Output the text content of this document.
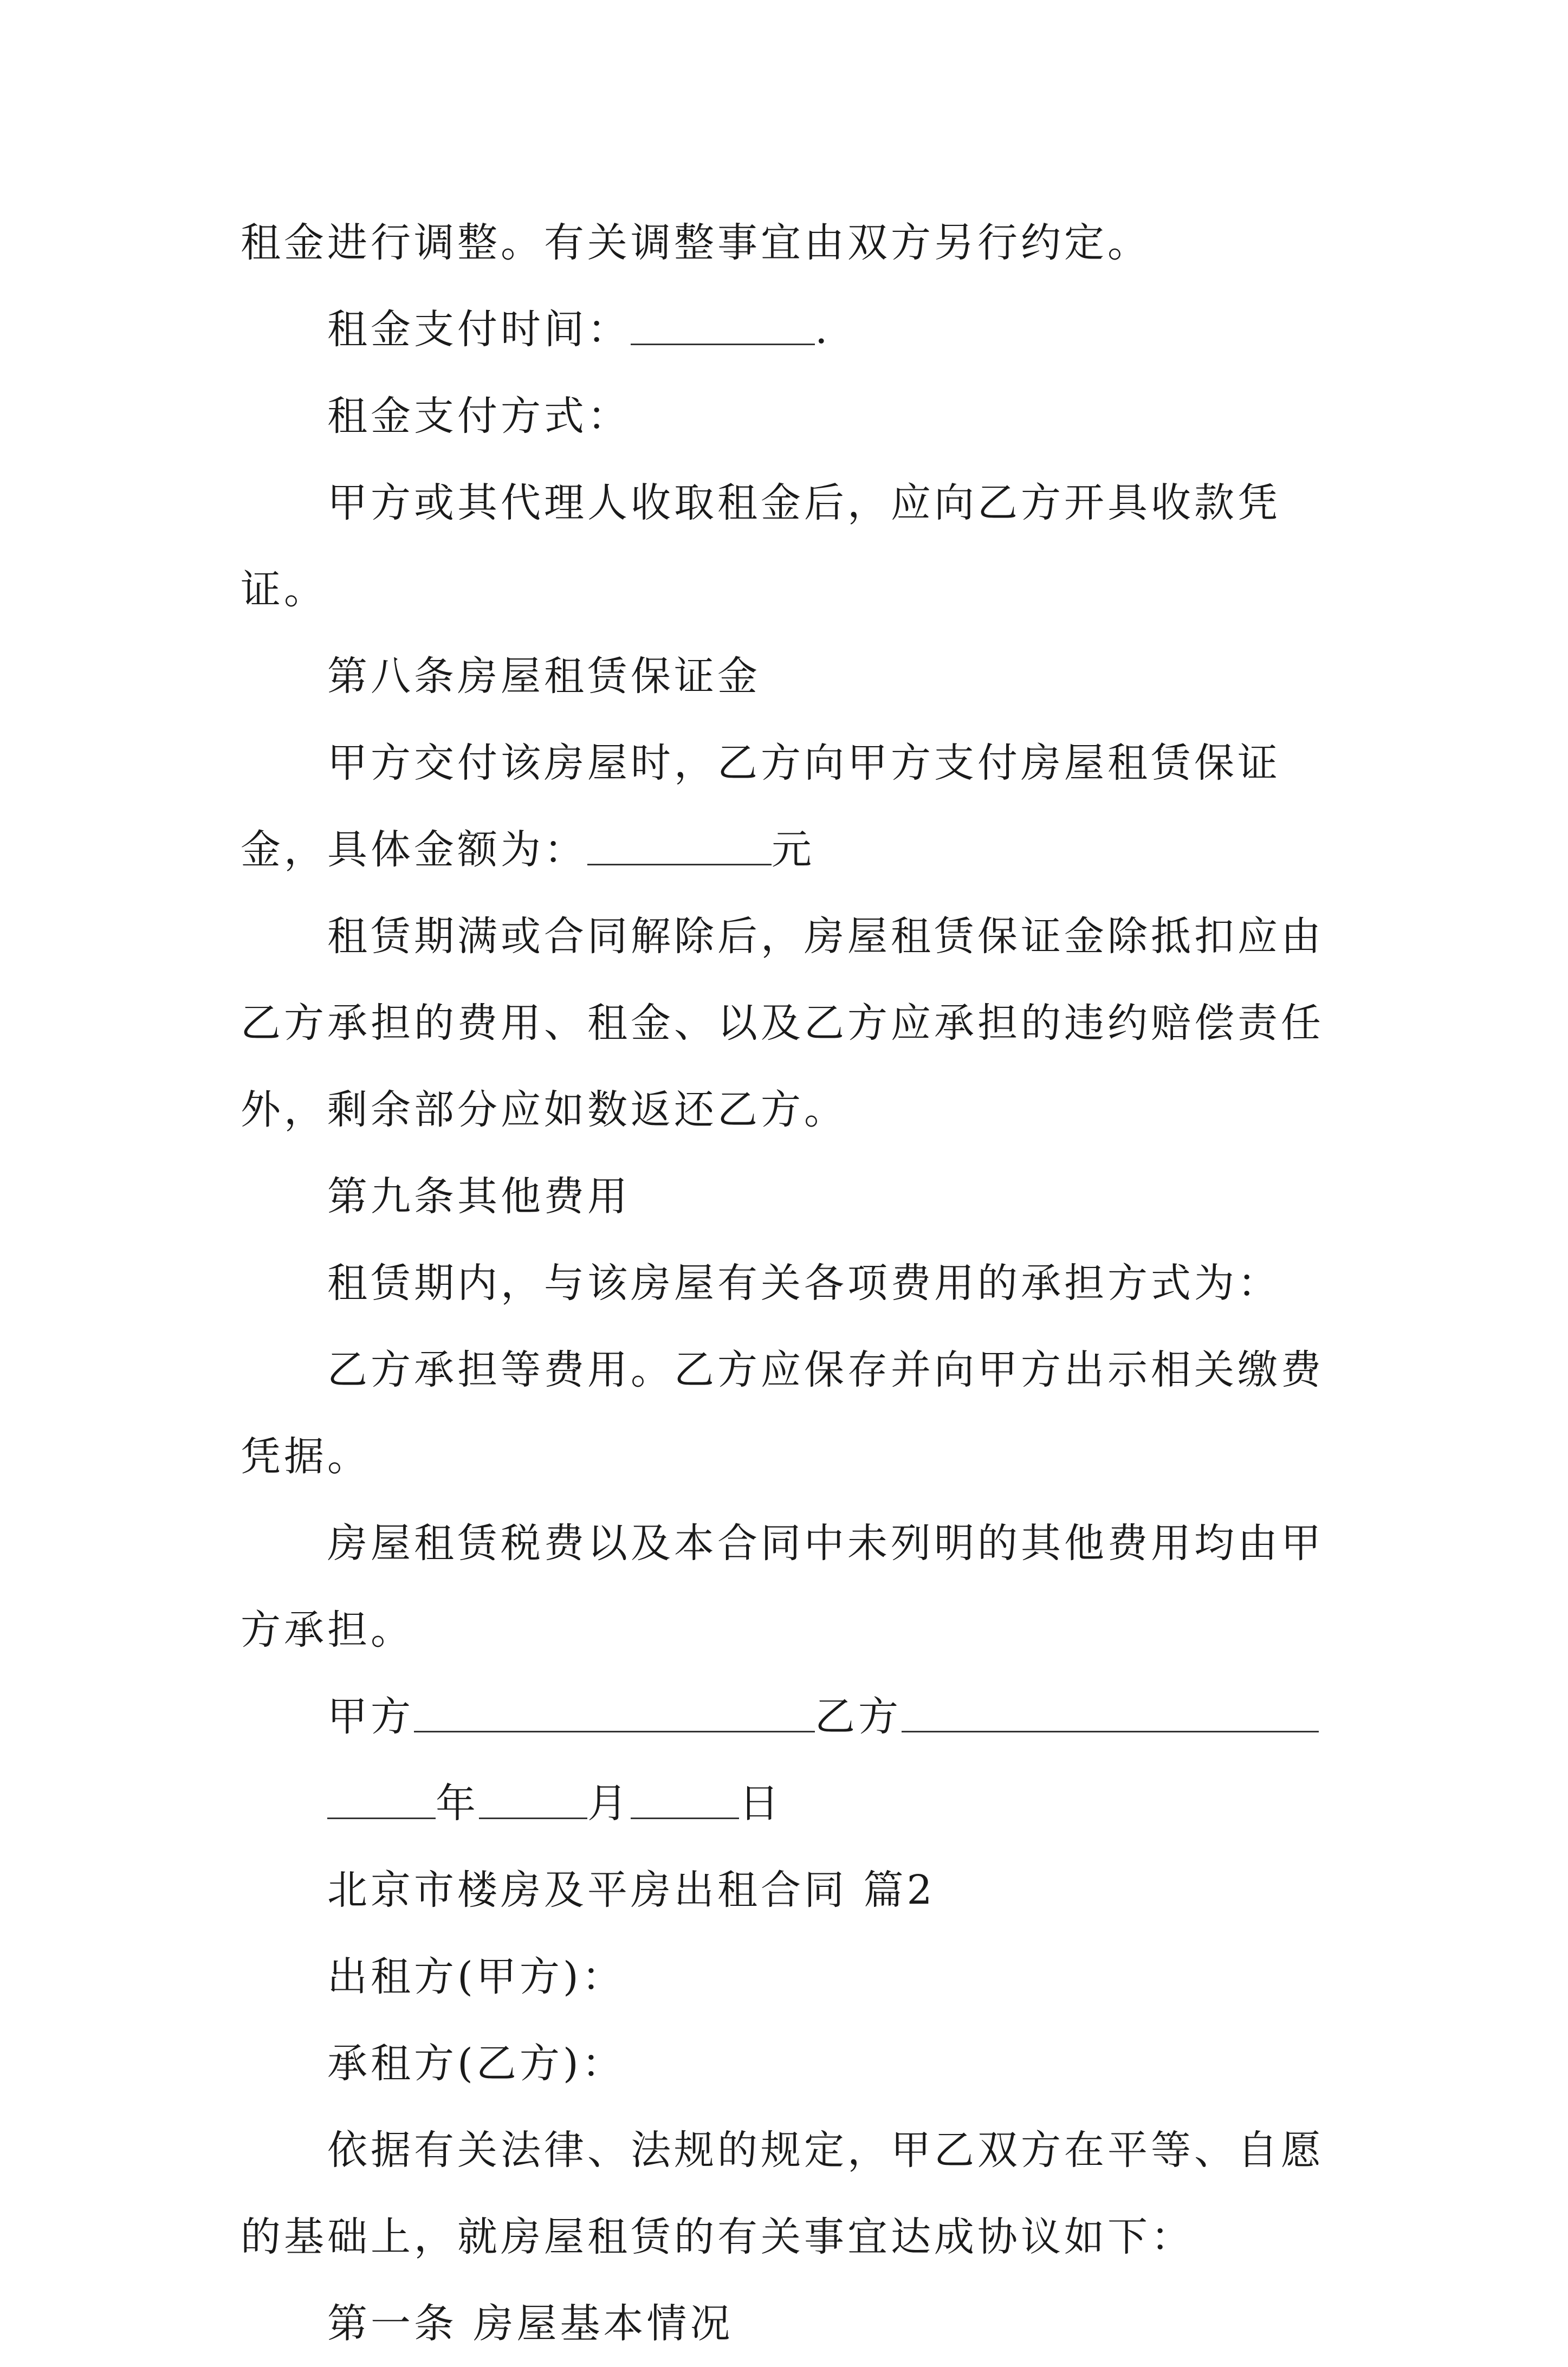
租金进行调整。有关调整事宜由双方另行约定。

租金支付时间：	.

租金支付方式：

甲方或其代理人收取租金后，应向乙方开具收款凭证。

第八条房屋租赁保证金

甲方交付该房屋时，乙方向甲方支付房屋租赁保证金，具体金额为：	元

租赁期满或合同解除后，房屋租赁保证金除抵扣应由乙方承担的费用、租金、以及乙方应承担的违约赔偿责任外，剩余部分应如数返还乙方。

第九条其他费用

租赁期内，与该房屋有关各项费用的承担方式为：

乙方承担等费用。乙方应保存并向甲方出示相关缴费凭据。

房屋租赁税费以及本合同中未列明的其他费用均由甲方承担。

甲方	乙方

年	月	日

北京市楼房及平房出租合同 篇2

出租方(甲方)：

承租方(乙方)：

依据有关法律、法规的规定，甲乙双方在平等、自愿的基础上，就房屋租赁的有关事宜达成协议如下：

第一条 房屋基本情况
